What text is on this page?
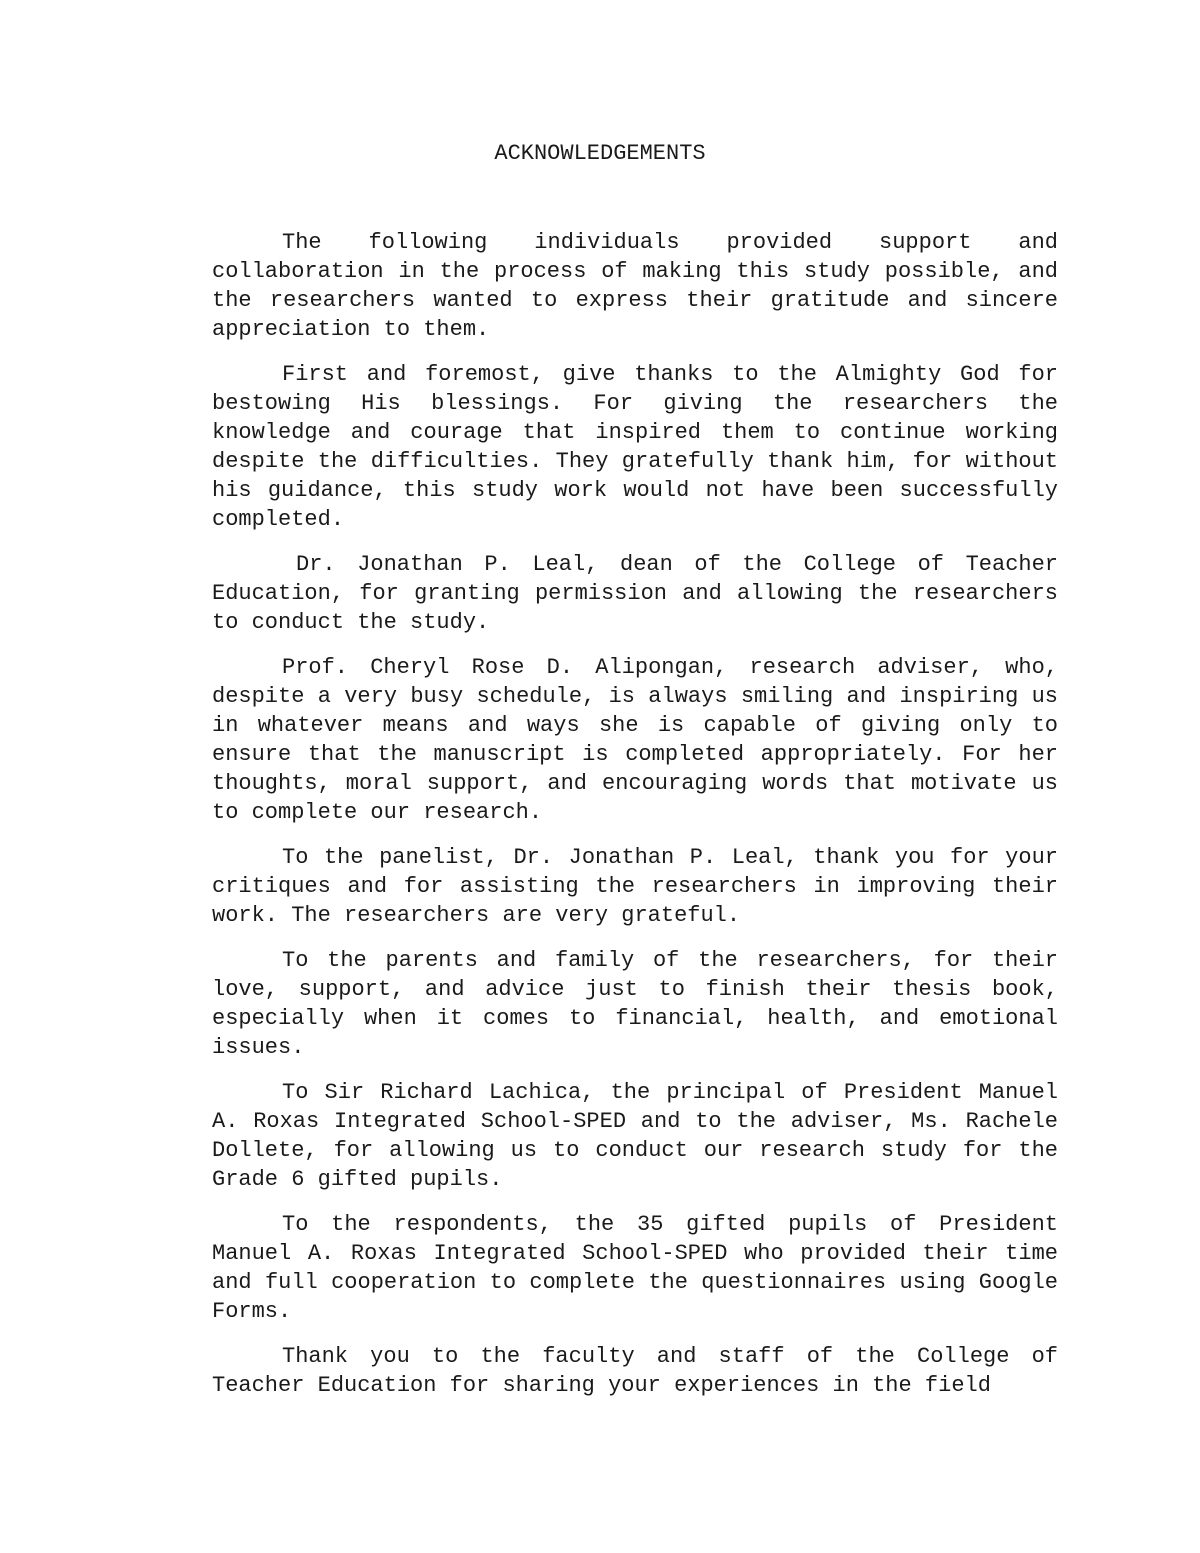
ACKNOWLEDGEMENTS

The following individuals provided support and collaboration in the process of making this study possible, and the researchers wanted to express their gratitude and sincere appreciation to them.

First and foremost, give thanks to the Almighty God for bestowing His blessings. For giving the researchers the knowledge and courage that inspired them to continue working despite the difficulties. They gratefully thank him, for without his guidance, this study work would not have been successfully completed.

Dr. Jonathan P. Leal, dean of the College of Teacher Education, for granting permission and allowing the researchers to conduct the study.

Prof. Cheryl Rose D. Alipongan, research adviser, who, despite a very busy schedule, is always smiling and inspiring us in whatever means and ways she is capable of giving only to ensure that the manuscript is completed appropriately. For her thoughts, moral support, and encouraging words that motivate us to complete our research.

To the panelist, Dr. Jonathan P. Leal, thank you for your critiques and for assisting the researchers in improving their work. The researchers are very grateful.

To the parents and family of the researchers, for their love, support, and advice just to finish their thesis book, especially when it comes to financial, health, and emotional issues.

To Sir Richard Lachica, the principal of President Manuel A. Roxas Integrated School-SPED and to the adviser, Ms. Rachele Dollete, for allowing us to conduct our research study for the Grade 6 gifted pupils.

To the respondents, the 35 gifted pupils of President Manuel A. Roxas Integrated School-SPED who provided their time and full cooperation to complete the questionnaires using Google Forms.

Thank you to the faculty and staff of the College of Teacher Education for sharing your experiences in the field
